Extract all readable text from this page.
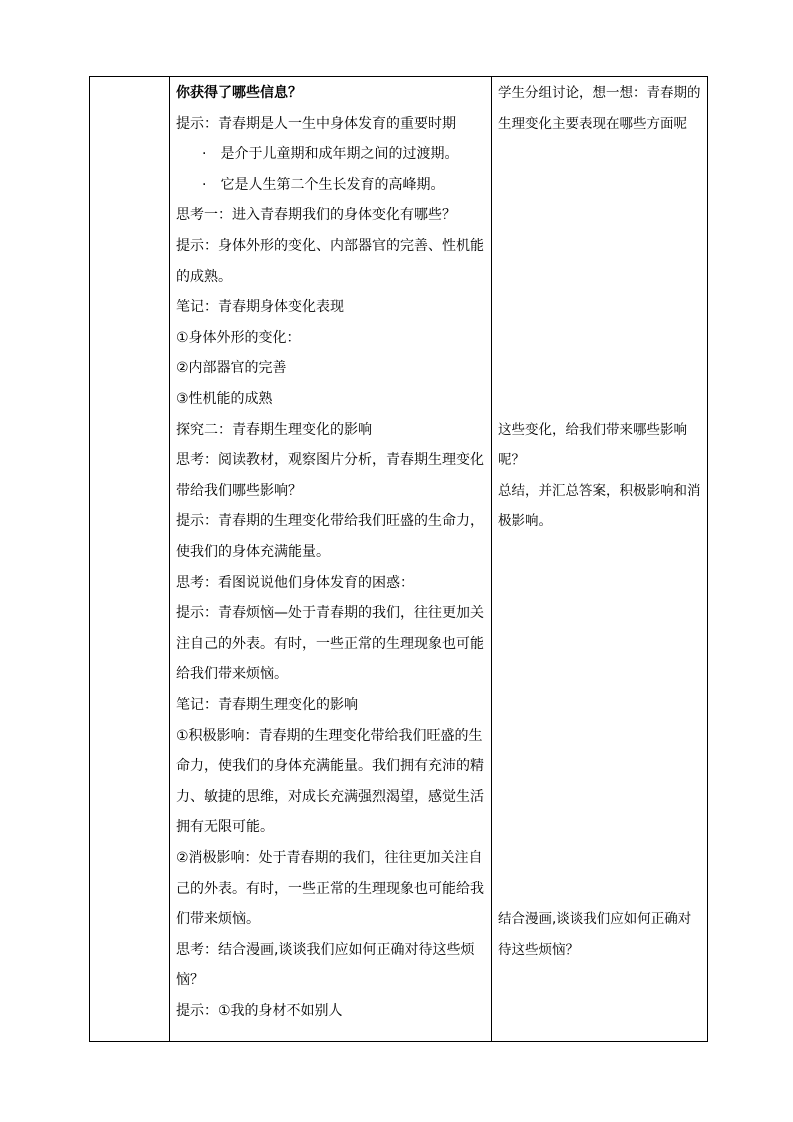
你获得了哪些信息？
提示：青春期是人一生中身体发育的重要时期
·　是介于儿童期和成年期之间的过渡期。
·　它是人生第二个生长发育的高峰期。
思考一：进入青春期我们的身体变化有哪些？
提示：身体外形的变化、内部器官的完善、性机能
的成熟。
笔记：青春期身体变化表现
①身体外形的变化：
②内部器官的完善
③性机能的成熟
探究二：青春期生理变化的影响
思考：阅读教材，观察图片分析，青春期生理变化
带给我们哪些影响？
提示：青春期的生理变化带给我们旺盛的生命力，
使我们的身体充满能量。
思考：看图说说他们身体发育的困惑：
提示：青春烦恼—处于青春期的我们，往往更加关
注自己的外表。有时，一些正常的生理现象也可能
给我们带来烦恼。
笔记：青春期生理变化的影响
①积极影响：青春期的生理变化带给我们旺盛的生
命力，使我们的身体充满能量。我们拥有充沛的精
力、敏捷的思维，对成长充满强烈渴望，感觉生活
拥有无限可能。
②消极影响：处于青春期的我们，往往更加关注自
己的外表。有时，一些正常的生理现象也可能给我
们带来烦恼。
思考：结合漫画,谈谈我们应如何正确对待这些烦
恼？
提示：①我的身材不如别人
学生分组讨论，想一想：青春期的
生理变化主要表现在哪些方面呢
这些变化，给我们带来哪些影响
呢？
总结，并汇总答案，积极影响和消
极影响。
结合漫画,谈谈我们应如何正确对
待这些烦恼？
